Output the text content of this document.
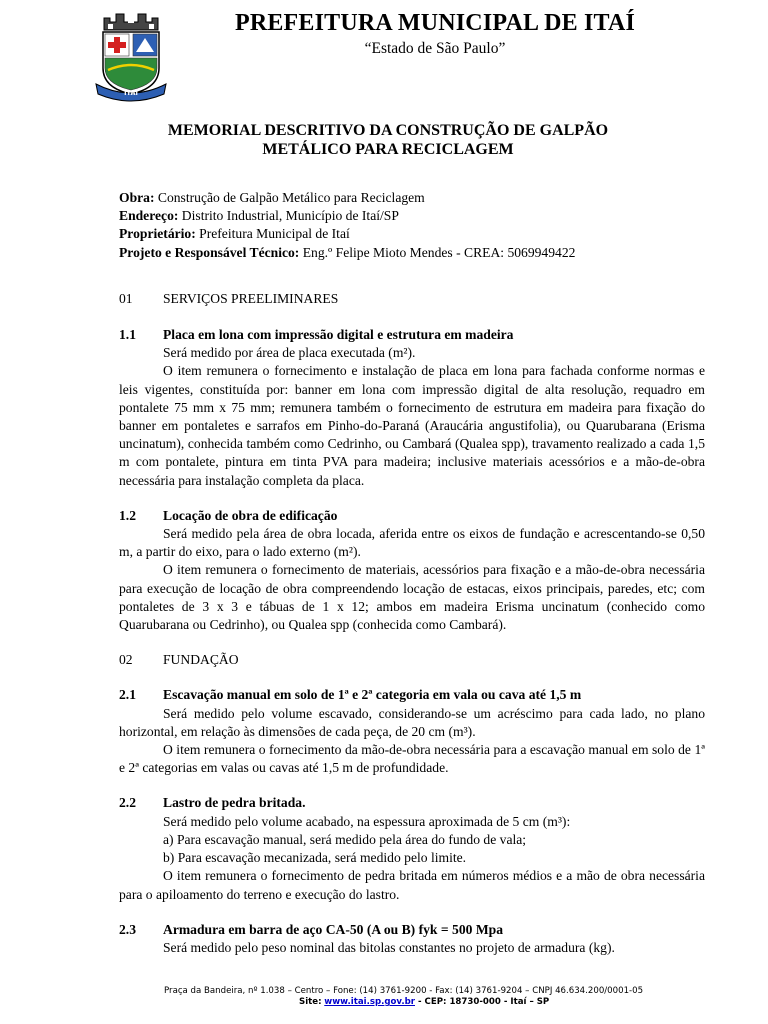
ITAÍ
PREFEITURA MUNICIPAL DE ITAÍ
“Estado de São Paulo”
MEMORIAL DESCRITIVO DA CONSTRUÇÃO DE GALPÃO
METÁLICO PARA RECICLAGEM
Obra: Construção de Galpão Metálico para Reciclagem
Endereço: Distrito Industrial, Município de Itaí/SP
Proprietário: Prefeitura Municipal de Itaí
Projeto e Responsável Técnico: Eng.º Felipe Mioto Mendes - CREA: 5069949422
01	SERVIÇOS PREELIMINARES
1.1	Placa em lona com impressão digital e estrutura em madeira

Será medido por área de placa executada (m²).

O item remunera o fornecimento e instalação de placa em lona para fachada conforme normas e leis vigentes, constituída por: banner em lona com impressão digital de alta resolução, requadro em pontalete 75 mm x 75 mm; remunera também o fornecimento de estrutura em madeira para fixação do banner em pontaletes e sarrafos em Pinho-do-Paraná (Araucária angustifolia), ou Quarubarana (Erisma uncinatum), conhecida também como Cedrinho, ou Cambará (Qualea spp), travamento realizado a cada 1,5 m com pontalete, pintura em tinta PVA para madeira; inclusive materiais acessórios e a mão-de-obra necessária para instalação completa da placa.

1.2	Locação de obra de edificação

Será medido pela área de obra locada, aferida entre os eixos de fundação e acrescentando-se 0,50 m, a partir do eixo, para o lado externo (m²).

O item remunera o fornecimento de materiais, acessórios para fixação e a mão-de-obra necessária para execução de locação de obra compreendendo locação de estacas, eixos principais, paredes, etc; com pontaletes de 3 x 3 e tábuas de 1 x 12; ambos em madeira Erisma uncinatum (conhecido como Quarubarana ou Cedrinho), ou Qualea spp (conhecida como Cambará).

02	FUNDAÇÃO
2.1	Escavação manual em solo de 1ª e 2ª categoria em vala ou cava até 1,5 m

Será medido pelo volume escavado, considerando-se um acréscimo para cada lado, no plano horizontal, em relação às dimensões de cada peça, de 20 cm (m³).

O item remunera o fornecimento da mão-de-obra necessária para a escavação manual em solo de 1ª e 2ª categorias em valas ou cavas até 1,5 m de profundidade.

2.2	Lastro de pedra britada.

Será medido pelo volume acabado, na espessura aproximada de 5 cm (m³):

a) Para escavação manual, será medido pela área do fundo de vala;

b) Para escavação mecanizada, será medido pelo limite.

O item remunera o fornecimento de pedra britada em números médios e a mão de obra necessária para o apiloamento do terreno e execução do lastro.

2.3	Armadura em barra de aço CA-50 (A ou B) fyk = 500 Mpa

Será medido pelo peso nominal das bitolas constantes no projeto de armadura (kg).

Praça da Bandeira, nº 1.038 – Centro – Fone: (14) 3761-9200 - Fax: (14) 3761-9204 – CNPJ 46.634.200/0001-05
Site: www.itai.sp.gov.br - CEP: 18730-000 - Itaí – SP
